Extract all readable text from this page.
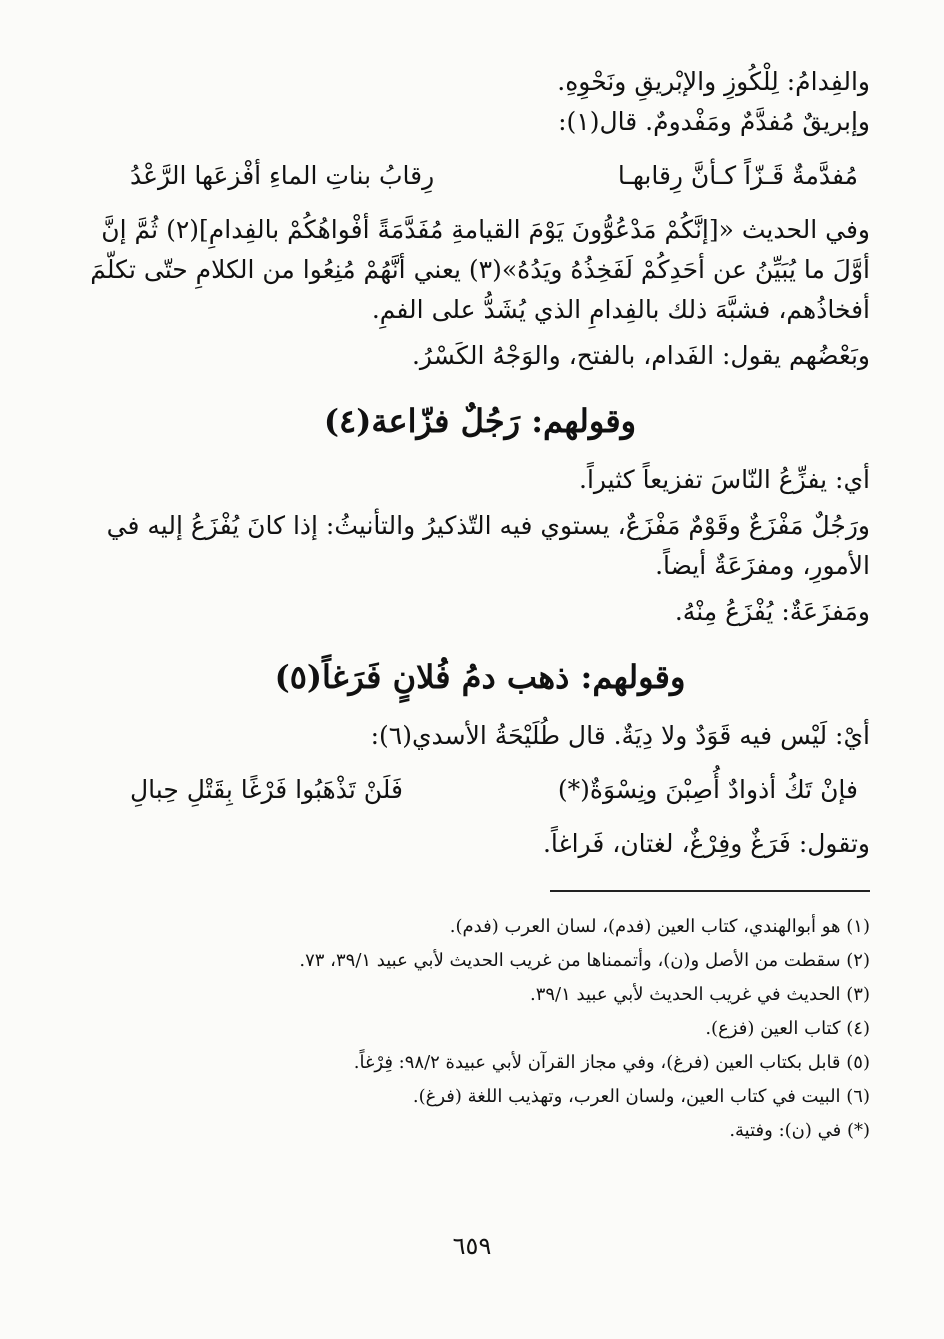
والفِدامُ: لِلْكُوزِ والإبْريقِ ونَحْوِهِ.

وإبريقٌ مُفدَّمٌ ومَفْدومٌ. قال(١):

مُفدَّمةٌ قَـزّاً كـأنَّ رِقابهـا
رِقابُ بناتِ الماءِ أفْزعَها الرَّعْدُ

وفي الحديث «[إنَّكُمْ مَدْعُوُّونَ يَوْمَ القيامةِ مُفَدَّمَةً أفْواهُكُمْ بالفِدامِ](٢) ثُمَّ إنَّ أوَّلَ ما يُبَيِّنُ عن أحَدِكُمْ لَفَخِذُهُ ويَدُهُ»(٣) يعني أنَّهُمْ مُنِعُوا من الكلامِ حتّى تكلّمَ أفخاذُهم، فشبَّهَ ذلك بالفِدامِ الذي يُشَدُّ على الفمِ.

وبَعْضُهم يقول: الفَدام، بالفتح، والوَجْهُ الكَسْرُ.

وقولهم: رَجُلٌ فزّاعة(٤)

أي: يفزِّعُ النّاسَ تفزيعاً كثيراً.

ورَجُلٌ مَفْزَعٌ وقَوْمٌ مَفْزَعٌ، يستوي فيه التّذكيرُ والتأنيثُ: إذا كانَ يُفْزَعُ إليه في الأمورِ، ومفزَعَةٌ أيضاً.

ومَفزَعَةٌ: يُفْزَعُ مِنْهُ.

وقولهم: ذهب دمُ فُلانٍ فَرَغاً(٥)

أيْ: لَيْس فيه قَوَدٌ ولا دِيَةٌ. قال طُلَيْحَةُ الأسدي(٦):

فإنْ تَكُ أذوادٌ أُصِبْنَ ونِسْوَةٌ(*)
فَلَنْ تَذْهَبُوا فَرْغًا بِقَتْلِ حِبالِ

وتقول: فَرَغٌ وفِرْغٌ، لغتان، فَراغاً.

(١) هو أبوالهندي، كتاب العين (فدم)، لسان العرب (فدم).

(٢) سقطت من الأصل و(ن)، وأتممناها من غريب الحديث لأبي عبيد ٣٩/١، ٧٣.

(٣) الحديث في غريب الحديث لأبي عبيد ٣٩/١.

(٤) كتاب العين (فزع).

(٥) قابل بكتاب العين (فرغ)، وفي مجاز القرآن لأبي عبيدة ٩٨/٢: فِرْغاً.

(٦) البيت في كتاب العين، ولسان العرب، وتهذيب اللغة (فرغ).

(*) في (ن): وفتية.

٦٥٩
